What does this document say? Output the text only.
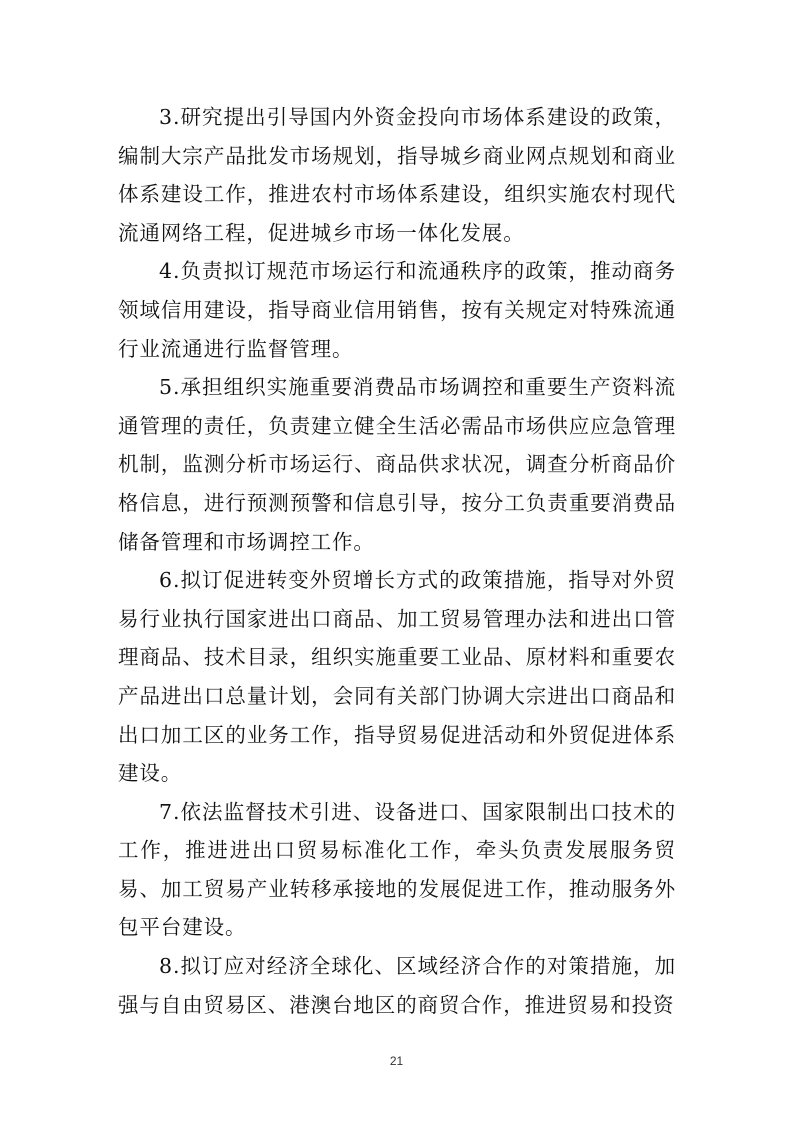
3.研究提出引导国内外资金投向市场体系建设的政策，编制大宗产品批发市场规划，指导城乡商业网点规划和商业体系建设工作，推进农村市场体系建设，组织实施农村现代流通网络工程，促进城乡市场一体化发展。

4.负责拟订规范市场运行和流通秩序的政策，推动商务领域信用建设，指导商业信用销售，按有关规定对特殊流通行业流通进行监督管理。

5.承担组织实施重要消费品市场调控和重要生产资料流通管理的责任，负责建立健全生活必需品市场供应应急管理机制，监测分析市场运行、商品供求状况，调查分析商品价格信息，进行预测预警和信息引导，按分工负责重要消费品储备管理和市场调控工作。

6.拟订促进转变外贸增长方式的政策措施，指导对外贸易行业执行国家进出口商品、加工贸易管理办法和进出口管理商品、技术目录，组织实施重要工业品、原材料和重要农产品进出口总量计划，会同有关部门协调大宗进出口商品和出口加工区的业务工作，指导贸易促进活动和外贸促进体系建设。

7.依法监督技术引进、设备进口、国家限制出口技术的工作，推进进出口贸易标准化工作，牵头负责发展服务贸易、加工贸易产业转移承接地的发展促进工作，推动服务外包平台建设。

8.拟订应对经济全球化、区域经济合作的对策措施，加强与自由贸易区、港澳台地区的商贸合作，推进贸易和投资

21
